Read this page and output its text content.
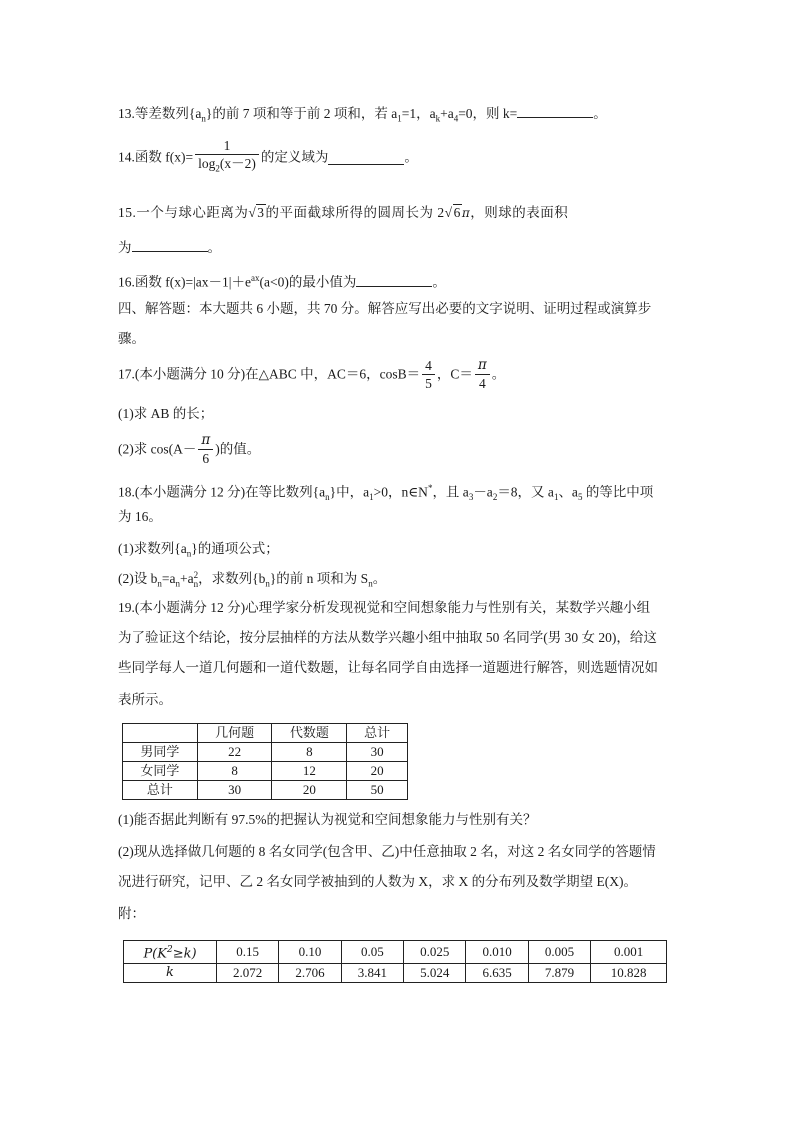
13.等差数列$\{a_n\}$的前 7 项和等于前 2 项和，若 $a_1=1$，$a_k+a_4=0$，则 k=	。
14.函数 $f(x)= \frac{1}{\log_2(x-2)}$ 的定义域为	。
15.一个与球心距离为√3的平面截球所得的圆周长为 2√6π，则球的表面积
为	。
16.函数 $f(x)=|ax-1|+e^{ax}(a<0)$的最小值为	。
四、解答题：本大题共 6 小题，共 70 分。解答应写出必要的文字说明、证明过程或演算步
骤。
17.(本小题满分 10 分)在△ABC 中，AC＝6，$\cos B= \frac{4}{5}$ ，$C= \frac{\pi}{4}$ 。
(1)求 AB 的长；
(2)求 $\cos(A- \frac{\pi}{6}$ )的值。
18.(本小题满分 12 分)在等比数列$\{a_n\}$中，$a_1>0$，n∈N*，且 $a_3-a_2=8$，又 $a_1$、$a_5$ 的等比中项
为 16。
(1)求数列$\{a_n\}$的通项公式；
(2)设 $b_n=a_n+a$ 2
n ，求数列$\{b_n\}$的前 n 项和为 $S_n$。
19.(本小题满分 12 分)心理学家分析发现视觉和空间想象能力与性别有关，某数学兴趣小组
为了验证这个结论，按分层抽样的方法从数学兴趣小组中抽取 50 名同学(男 30 女 20)，给这
些同学每人一道几何题和一道代数题，让每名同学自由选择一道题进行解答，则选题情况如
表所示。
	几何题	代数题	总计
男同学	22	8	30
女同学	8	12	20
总计	30	20	50
(1)能否据此判断有 97.5%的把握认为视觉和空间想象能力与性别有关？
(2)现从选择做几何题的 8 名女同学(包含甲、乙)中任意抽取 2 名，对这 2 名女同学的答题情
况进行研究，记甲、乙 2 名女同学被抽到的人数为 X，求 X 的分布列及数学期望 E(X)。
附：
$P(K^2\ge k)$	0.15	0.10	0.05	0.025	0.010	0.005	0.001
k	2.072	2.706	3.841	5.024	6.635	7.879	10.828
